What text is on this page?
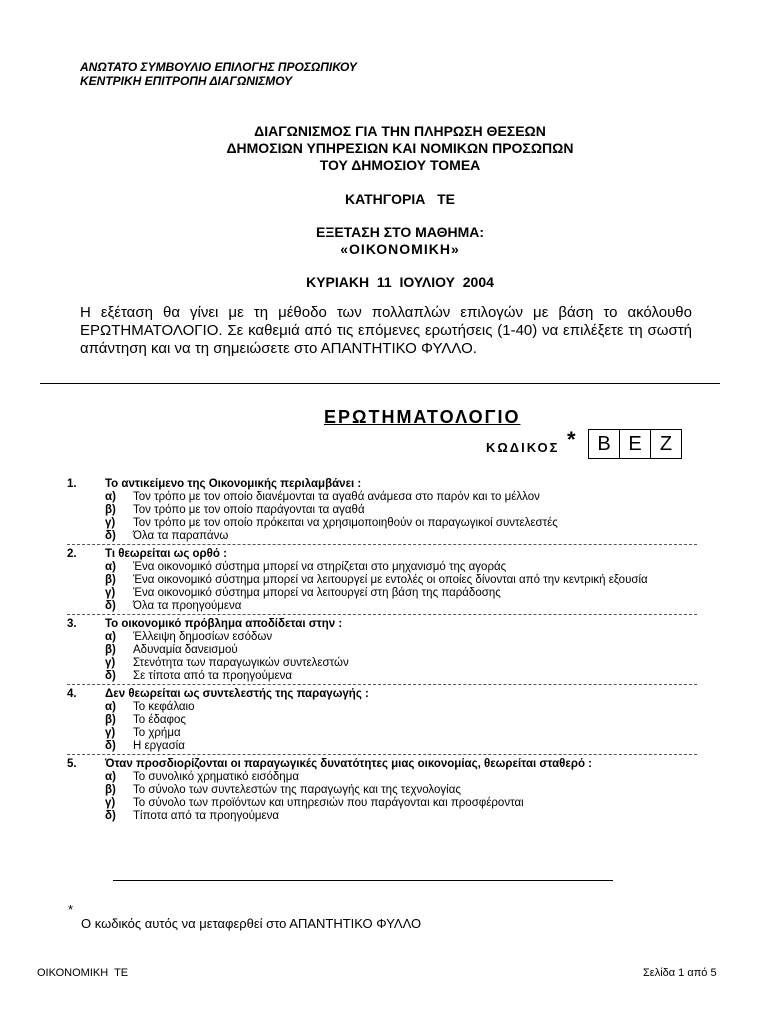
ΑΝΩΤΑΤΟ ΣΥΜΒΟΥΛΙΟ ΕΠΙΛΟΓΗΣ ΠΡΟΣΩΠΙΚΟΥ
ΚΕΝΤΡΙΚΗ ΕΠΙΤΡΟΠΗ ΔΙΑΓΩΝΙΣΜΟΥ
ΔΙΑΓΩΝΙΣΜΟΣ ΓΙΑ ΤΗΝ ΠΛΗΡΩΣΗ ΘΕΣΕΩΝ
ΔΗΜΟΣΙΩΝ ΥΠΗΡΕΣΙΩΝ ΚΑΙ ΝΟΜΙΚΩΝ ΠΡΟΣΩΠΩΝ
ΤΟΥ ΔΗΜΟΣΙΟΥ ΤΟΜΕΑ
ΚΑΤΗΓΟΡΙΑ   ΤΕ
ΕΞΕΤΑΣΗ ΣΤΟ ΜΑΘΗΜΑ:
«ΟΙΚΟΝΟΜΙΚΗ»
ΚΥΡΙΑΚΗ  11  ΙΟΥΛΙΟΥ  2004
Η εξέταση θα γίνει με τη μέθοδο των πολλαπλών επιλογών με βάση το ακόλουθο ΕΡΩΤΗΜΑΤΟΛΟΓΙΟ. Σε καθεμιά από τις επόμενες ερωτήσεις (1-40) να επιλέξετε τη σωστή απάντηση και να τη σημειώσετε στο ΑΠΑΝΤΗΤΙΚΟ ΦΥΛΛΟ.
ΕΡΩΤΗΜΑΤΟΛΟΓΙΟ
ΚΩΔΙΚΟΣ *	Β Ε Ζ
1.	Το αντικείμενο της Οικονομικής περιλαμβάνει :
α)	Τον τρόπο με τον οποίο διανέμονται τα αγαθά ανάμεσα στο παρόν και το μέλλον
β)	Τον τρόπο με τον οποίο παράγονται τα αγαθά
γ)	Τον τρόπο με τον οποίο πρόκειται να χρησιμοποιηθούν οι παραγωγικοί συντελεστές
δ)	Όλα τα παραπάνω
2.	Τι θεωρείται ως ορθό :
α)	Ένα οικονομικό σύστημα μπορεί να στηρίζεται στο μηχανισμό της αγοράς
β)	Ένα οικονομικό σύστημα μπορεί να λειτουργεί με εντολές οι οποίες δίνονται από την κεντρική εξουσία
γ)	Ένα οικονομικό σύστημα μπορεί να λειτουργεί στη βάση της παράδοσης
δ)	Όλα τα προηγούμενα
3.	Το οικονομικό πρόβλημα αποδίδεται στην :
α)	Έλλειψη δημοσίων εσόδων
β)	Αδυναμία δανεισμού
γ)	Στενότητα των παραγωγικών συντελεστών
δ)	Σε τίποτα από τα προηγούμενα
4.	Δεν θεωρείται ως συντελεστής της παραγωγής :
α)	Το κεφάλαιο
β)	Το έδαφος
γ)	Το χρήμα
δ)	Η εργασία
5.	Όταν προσδιορίζονται οι παραγωγικές δυνατότητες μιας οικονομίας, θεωρείται σταθερό :
α)	Το συνολικό χρηματικό εισόδημα
β)	Το σύνολο των συντελεστών της παραγωγής και της τεχνολογίας
γ)	Το σύνολο των προϊόντων και υπηρεσιών που παράγονται και προσφέρονται
δ)	Τίποτα από τα προηγούμενα
*
Ο κωδικός αυτός να μεταφερθεί στο ΑΠΑΝΤΗΤΙΚΟ ΦΥΛΛΟ
ΟΙΚΟΝΟΜΙΚΗ  ΤΕ	Σελίδα 1 από 5
